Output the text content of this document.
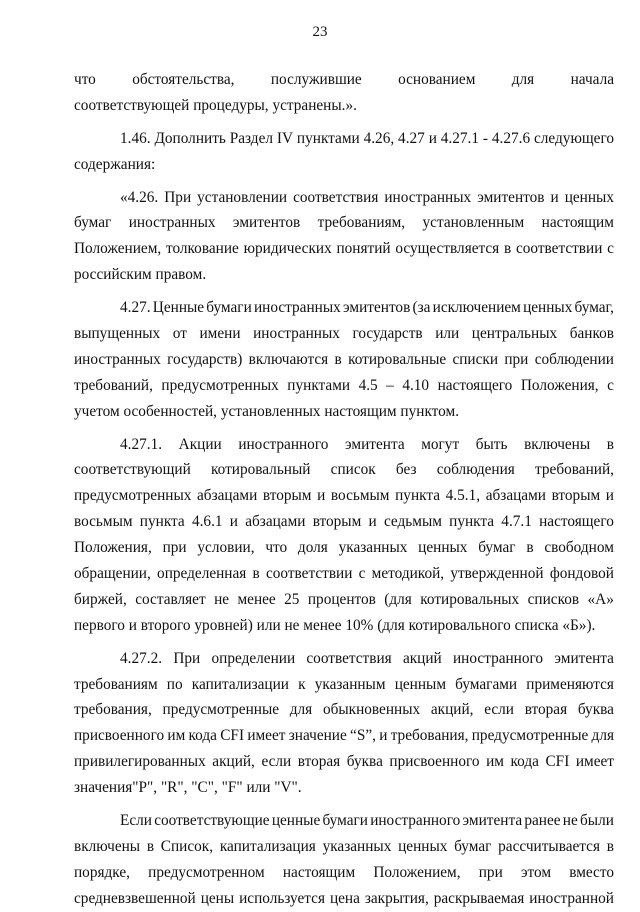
23
что обстоятельства, послужившие основанием для начала
соответствующей процедуры, устранены.».
1.46. Дополнить Раздел IV пунктами 4.26, 4.27 и 4.27.1 - 4.27.6 следующего
содержания:
«4.26. При установлении соответствия иностранных эмитентов и ценных
бумаг иностранных эмитентов требованиям, установленным настоящим
Положением, толкование юридических понятий осуществляется в соответствии с
российским правом.
4.27. Ценные бумаги иностранных эмитентов (за исключением ценных бумаг,
выпущенных от имени иностранных государств или центральных банков
иностранных государств) включаются в котировальные списки при соблюдении
требований, предусмотренных пунктами 4.5 – 4.10 настоящего Положения, с
учетом особенностей, установленных настоящим пунктом.
4.27.1. Акции иностранного эмитента могут быть включены в
соответствующий котировальный список без соблюдения требований,
предусмотренных абзацами вторым и восьмым пункта 4.5.1, абзацами вторым и
восьмым пункта 4.6.1 и абзацами вторым и седьмым пункта 4.7.1 настоящего
Положения, при условии, что доля указанных ценных бумаг в свободном
обращении, определенная в соответствии с методикой, утвержденной фондовой
биржей, составляет не менее 25 процентов (для котировальных списков «А»
первого и второго уровней) или не менее 10% (для котировального списка «Б»).
4.27.2. При определении соответствия акций иностранного эмитента
требованиям по капитализации к указанным ценным бумагами применяются
требования, предусмотренные для обыкновенных акций, если вторая буква
присвоенного им кода CFI имеет значение “S”, и требования, предусмотренные для
привилегированных акций, если вторая буква присвоенного им кода CFI имеет
значения"P", "R", "C", "F" или "V".
Если соответствующие ценные бумаги иностранного эмитента ранее не были
включены в Список, капитализация указанных ценных бумаг рассчитывается в
порядке, предусмотренном настоящим Положением, при этом вместо
средневзвешенной цены используется цена закрытия, раскрываемая иностранной
